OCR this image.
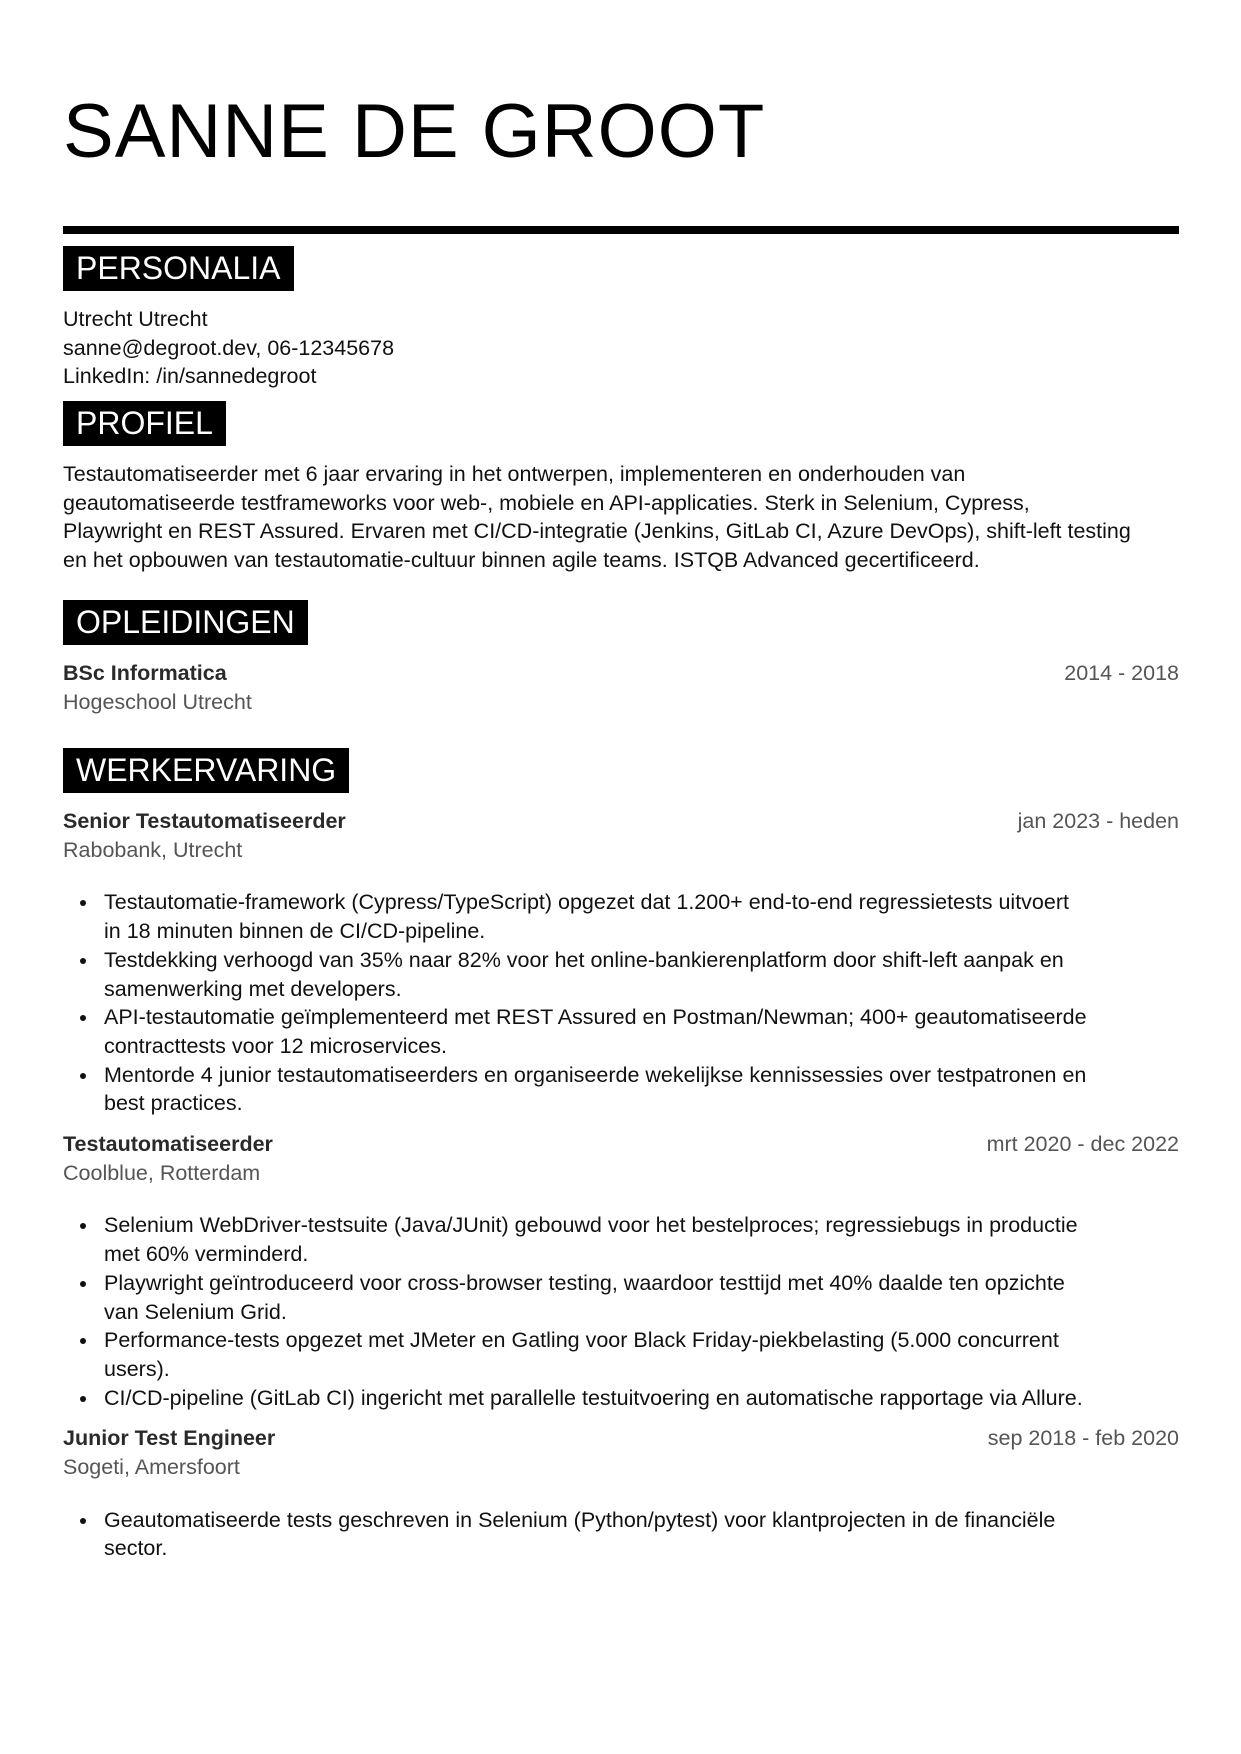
SANNE DE GROOT
PERSONALIA
Utrecht Utrecht
sanne@degroot.dev, 06-12345678
LinkedIn: /in/sannedegroot
PROFIEL
Testautomatiseerder met 6 jaar ervaring in het ontwerpen, implementeren en onderhouden van
geautomatiseerde testframeworks voor web-, mobiele en API-applicaties. Sterk in Selenium, Cypress,
Playwright en REST Assured. Ervaren met CI/CD-integratie (Jenkins, GitLab CI, Azure DevOps), shift-left testing
en het opbouwen van testautomatie-cultuur binnen agile teams. ISTQB Advanced gecertificeerd.
OPLEIDINGEN
BSc Informatica	2014 - 2018
Hogeschool Utrecht
WERKERVARING
Senior Testautomatiseerder	jan 2023 - heden
Rabobank, Utrecht
Testautomatie-framework (Cypress/TypeScript) opgezet dat 1.200+ end-to-end regressietests uitvoert
in 18 minuten binnen de CI/CD-pipeline.
Testdekking verhoogd van 35% naar 82% voor het online-bankierenplatform door shift-left aanpak en
samenwerking met developers.
API-testautomatie geïmplementeerd met REST Assured en Postman/Newman; 400+ geautomatiseerde
contracttests voor 12 microservices.
Mentorde 4 junior testautomatiseerders en organiseerde wekelijkse kennissessies over testpatronen en
best practices.
Testautomatiseerder	mrt 2020 - dec 2022
Coolblue, Rotterdam
Selenium WebDriver-testsuite (Java/JUnit) gebouwd voor het bestelproces; regressiebugs in productie
met 60% verminderd.
Playwright geïntroduceerd voor cross-browser testing, waardoor testtijd met 40% daalde ten opzichte
van Selenium Grid.
Performance-tests opgezet met JMeter en Gatling voor Black Friday-piekbelasting (5.000 concurrent
users).
CI/CD-pipeline (GitLab CI) ingericht met parallelle testuitvoering en automatische rapportage via Allure.
Junior Test Engineer	sep 2018 - feb 2020
Sogeti, Amersfoort
Geautomatiseerde tests geschreven in Selenium (Python/pytest) voor klantprojecten in de financiële
sector.
